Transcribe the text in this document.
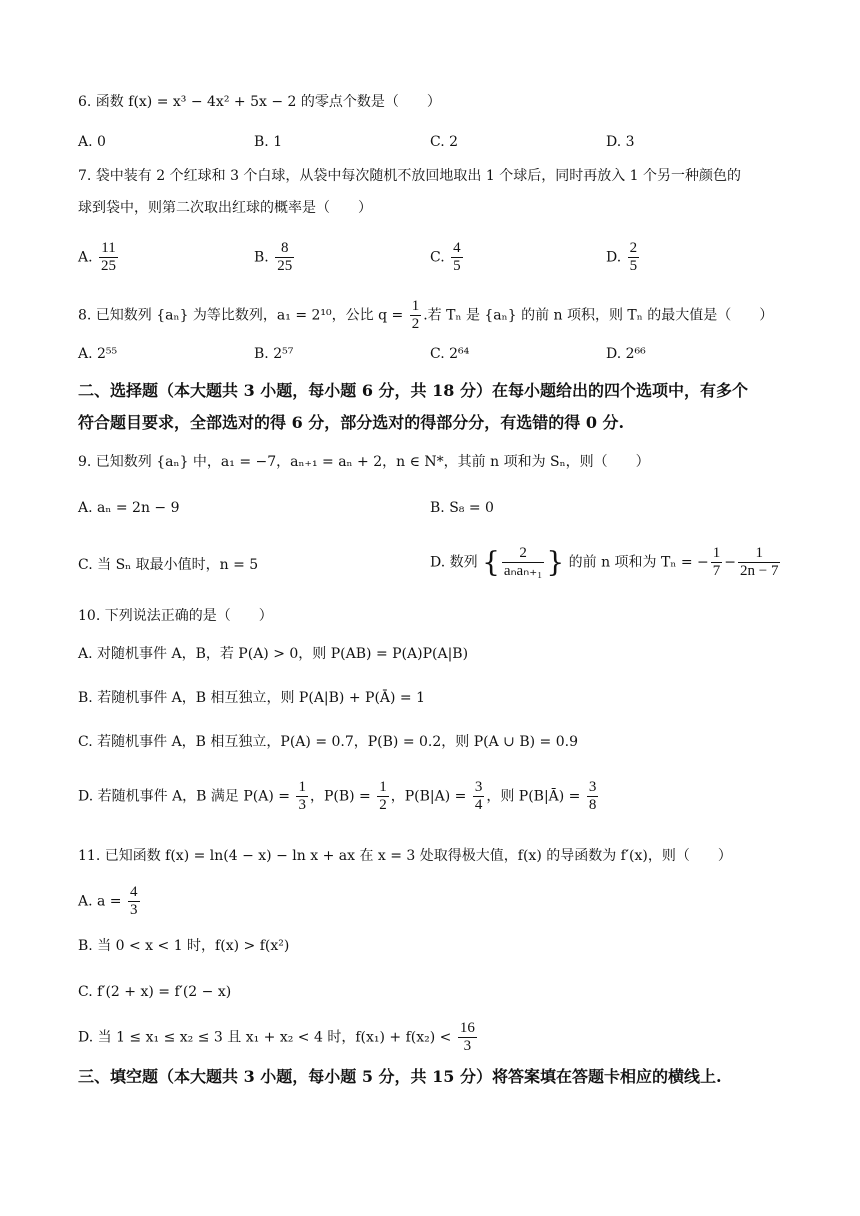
6. 函数 f(x) = x³ − 4x² + 5x − 2 的零点个数是（　　）
A. 0	B. 1	C. 2	D. 3
7. 袋中装有 2 个红球和 3 个白球，从袋中每次随机不放回地取出 1 个球后，同时再放入 1 个另一种颜色的
球到袋中，则第二次取出红球的概率是（　　）
A. $\frac{11}{25}$	B. $\frac{8}{25}$	C. $\frac{4}{5}$	D. $\frac{2}{5}$
8. 已知数列 {aₙ} 为等比数列，a₁ = 2¹⁰，公比 $q = \frac{1}{2}$ .若 Tₙ 是 {aₙ} 的前 n 项积，则 Tₙ 的最大值是（　　）
A. 2⁵⁵	B. 2⁵⁷	C. 2⁶⁴	D. 2⁶⁶
二、选择题（本大题共 3 小题，每小题 6 分，共 18 分）在每小题给出的四个选项中，有多个
符合题目要求，全部选对的得 6 分，部分选对的得部分分，有选错的得 0 分.
9. 已知数列 {aₙ} 中，a₁ = −7，aₙ₊₁ = aₙ + 2，n ∈ N*，其前 n 项和为 Sₙ，则（　　）
A. aₙ = 2n − 9	B. S₈ = 0
C. 当 Sₙ 取最小值时，n = 5	D. 数列 { $\frac{2}{\text{aₙaₙ₊₁}}$ } 的前 n 项和为 Tₙ = − $\frac{1}{7} - \frac{1}{2n - 7}$
10. 下列说法正确的是（　　）
A. 对随机事件 A，B，若 P(A) > 0，则 P(AB) = P(A)P(A|B)
B. 若随机事件 A，B 相互独立，则 P(A|B) + P(Ā) = 1
C. 若随机事件 A，B 相互独立，P(A) = 0.7，P(B) = 0.2，则 P(A ∪ B) = 0.9
D. 若随机事件 A，B 满足 $P(A) = \frac{1}{3}$ ，$P(B) = \frac{1}{2}$ ，$P(B|A) = \frac{3}{4}$ ，则 P(B|Ā) = $\frac{3}{8}$
11. 已知函数 f(x) = ln(4 − x) − ln x + ax 在 x = 3 处取得极大值，f(x) 的导函数为 f′(x)，则（　　）
A. $a = \frac{4}{3}$
B. 当 0 < x < 1 时，f(x) > f(x²)
C. f′(2 + x) = f′(2 − x)
D. 当 1 ≤ x₁ ≤ x₂ ≤ 3 且 x₁ + x₂ < 4 时，$f(x_1) + f(x_2) < \frac{16}{3}$
三、填空题（本大题共 3 小题，每小题 5 分，共 15 分）将答案填在答题卡相应的横线上.
